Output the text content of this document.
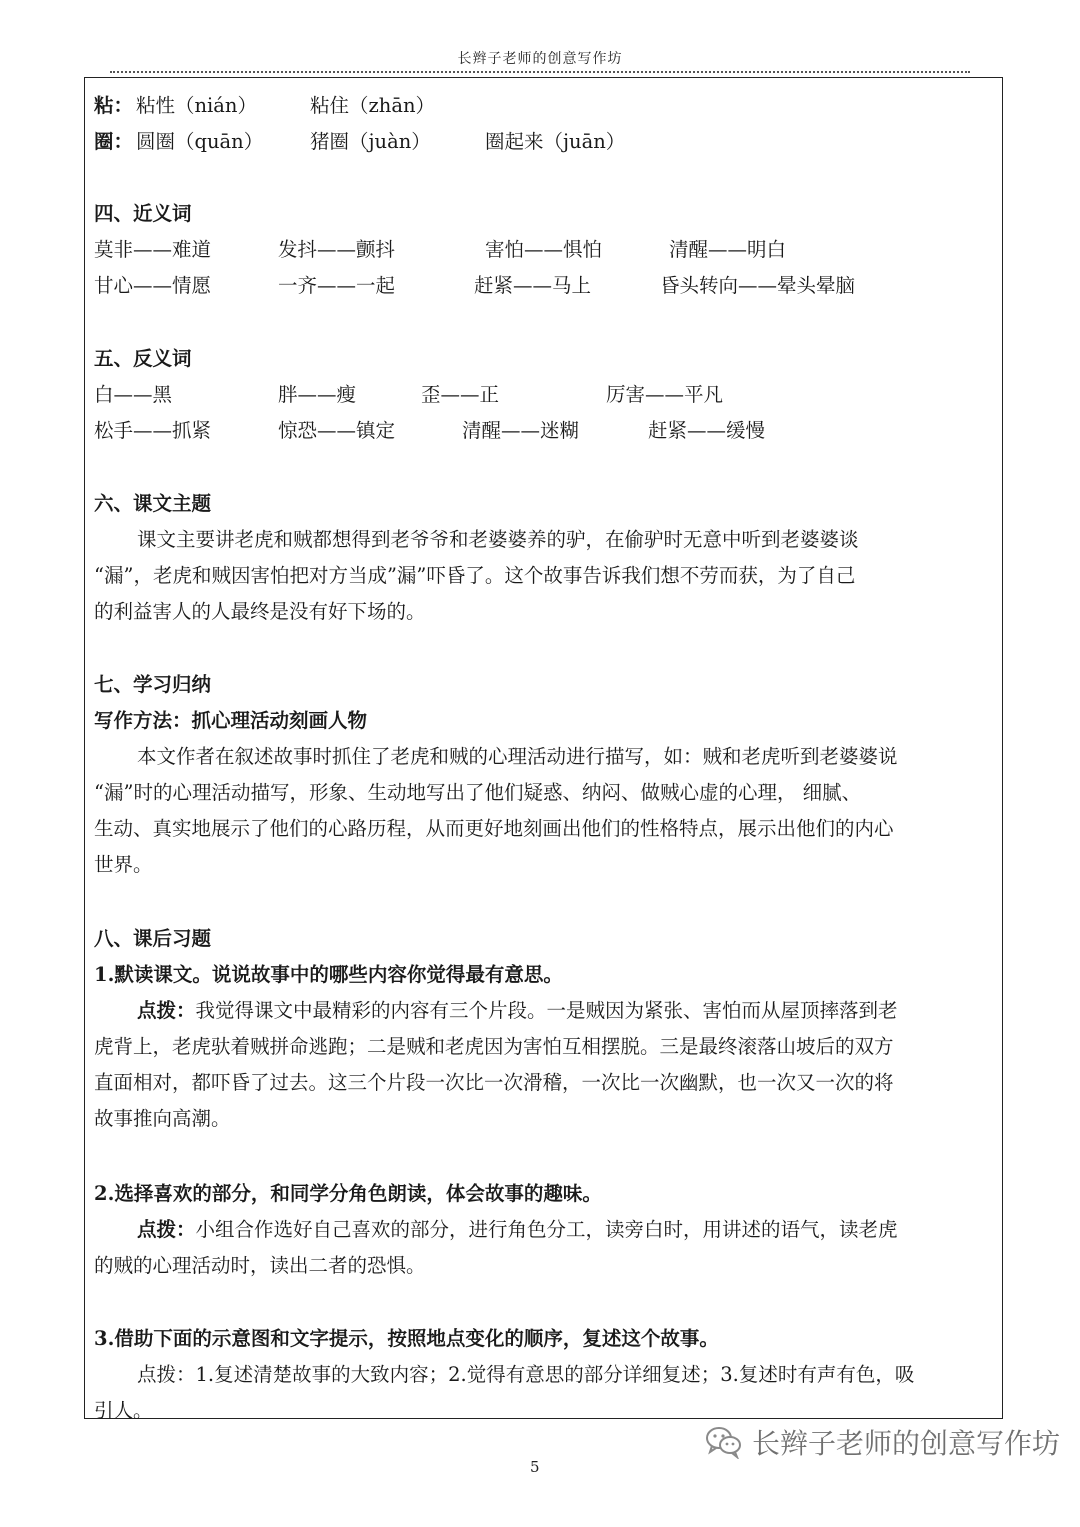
长辫子老师的创意写作坊
粘： 粘性（nián）	粘住（zhān）
圈： 圆圈（quān） 猪圈（juàn）	圈起来（juān）
四、近义词
莫非——难道	发抖——颤抖	害怕——惧怕	清醒——明白
甘心——情愿	一齐——一起	赶紧——马上	昏头转向——晕头晕脑
五、反义词
白——黑	胖——瘦	歪——正	厉害——平凡
松手——抓紧	惊恐——镇定	清醒——迷糊	赶紧——缓慢
六、课文主题
课文主要讲老虎和贼都想得到老爷爷和老婆婆养的驴，在偷驴时无意中听到老婆婆谈
“漏”，老虎和贼因害怕把对方当成”漏”吓昏了。这个故事告诉我们想不劳而获，为了自己
的利益害人的人最终是没有好下场的。
七、学习归纳
写作方法：抓心理活动刻画人物
本文作者在叙述故事时抓住了老虎和贼的心理活动进行描写，如：贼和老虎听到老婆婆说
“漏”时的心理活动描写，形象、生动地写出了他们疑惑、纳闷、做贼心虚的心理， 细腻、
生动、真实地展示了他们的心路历程，从而更好地刻画出他们的性格特点，展示出他们的内心
世界。
八、课后习题
1.默读课文。说说故事中的哪些内容你觉得最有意思。
点拨：我觉得课文中最精彩的内容有三个片段。一是贼因为紧张、害怕而从屋顶摔落到老
虎背上，老虎驮着贼拼命逃跑；二是贼和老虎因为害怕互相摆脱。三是最终滚落山坡后的双方
直面相对，都吓昏了过去。这三个片段一次比一次滑稽，一次比一次幽默，也一次又一次的将
故事推向高潮。
2.选择喜欢的部分，和同学分角色朗读，体会故事的趣味。
点拨：小组合作选好自己喜欢的部分，进行角色分工，读旁白时，用讲述的语气，读老虎
的贼的心理活动时，读出二者的恐惧。
3.借助下面的示意图和文字提示，按照地点变化的顺序，复述这个故事。
点拨：1.复述清楚故事的大致内容；2.觉得有意思的部分详细复述；3.复述时有声有色，吸
引人。
5
长辫子老师的创意写作坊
